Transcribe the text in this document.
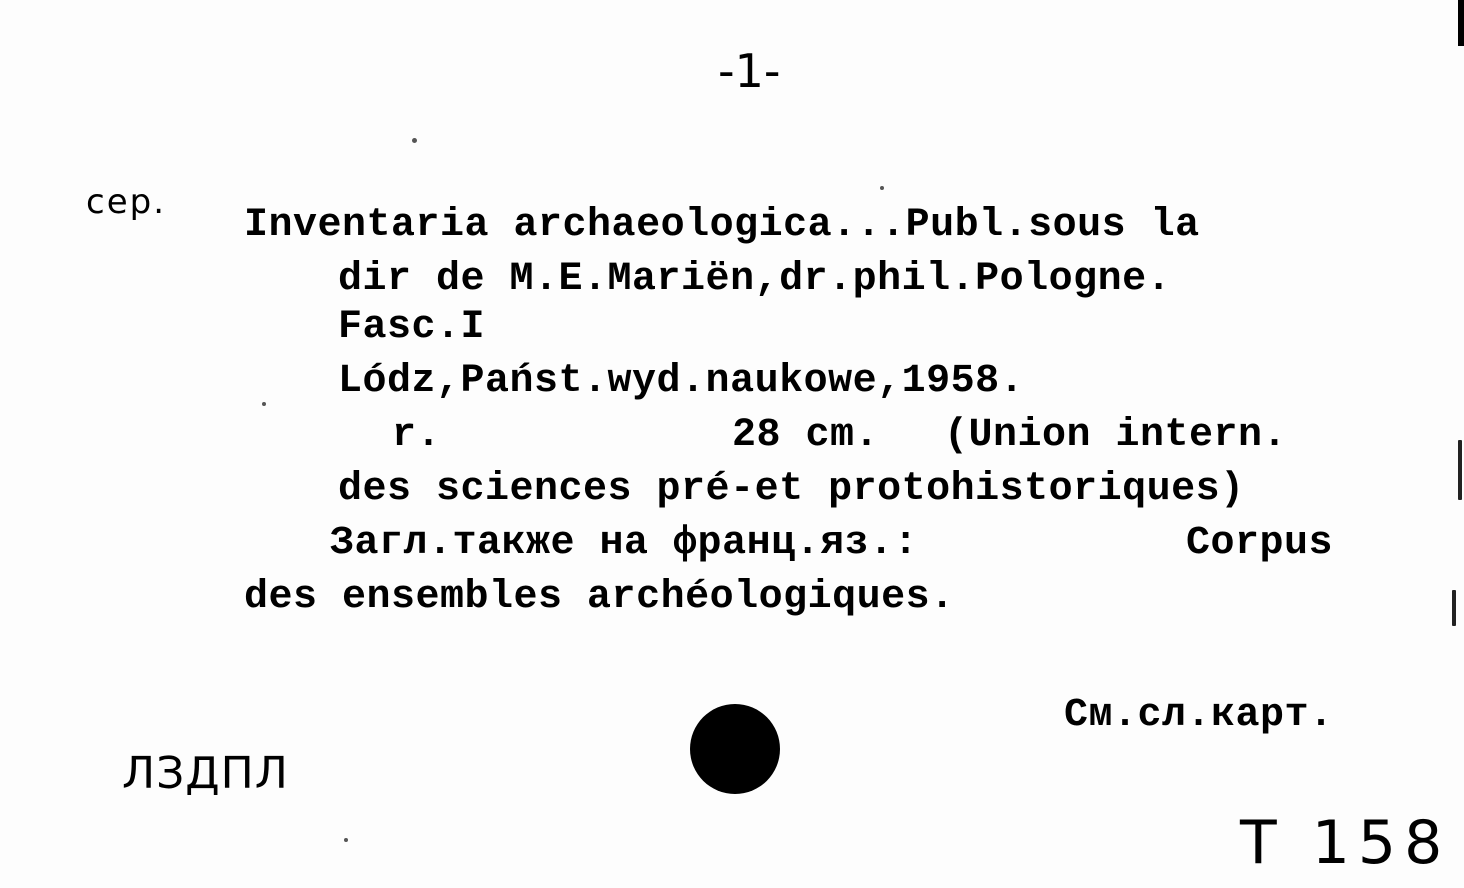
-1-
сер.
Inventaria archaeologica...Publ.sous la
dir de M.E.Mariën,dr.phil.Pologne.
Fasc.I
Lódz,Państ.wyd.naukowe,1958.
r.	28 cm. (Union intern.
des sciences pré-et protohistoriques)
Загл.также на франц.яз.:	Corpus
des ensembles archéologiques.
См.сл.карт.
ЛЗДПЛ
Т 158
